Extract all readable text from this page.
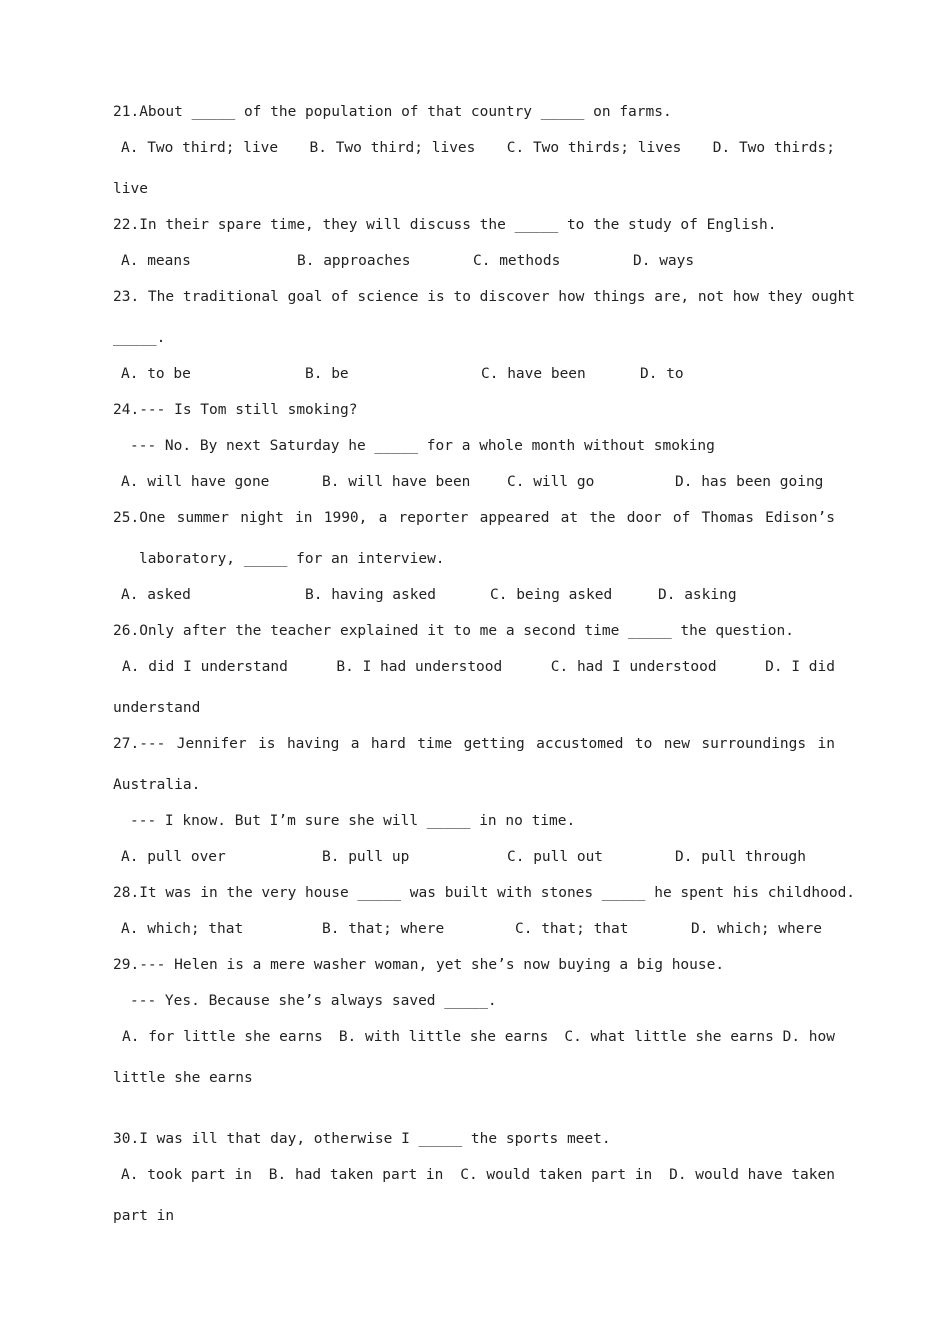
21.About _____ of the population of that country _____ on farms.
A. Two third; live B. Two third; lives C. Two thirds; lives D. Two thirds;
live
22.In their spare time, they will discuss the _____ to the study of English.
A. means	B. approaches	C. methods	D. ways
23. The traditional goal of science is to discover how things are, not how they ought
_____.
A. to be	B. be	C. have been	D. to
24.--- Is Tom still smoking?
--- No. By next Saturday he _____ for a whole month without smoking
A. will have gone	B. will have been	C. will go	D. has been going
25.One summer night in 1990, a reporter appeared at the door of Thomas Edison’s
laboratory, _____ for an interview.
A. asked	B. having asked	C. being asked	D. asking
26.Only after the teacher explained it to me a second time _____ the question.
A. did I understand	B. I had understood	C. had I understood	D. I did
understand
27.--- Jennifer is having a hard time getting accustomed to new surroundings in
Australia.
--- I know. But I’m sure she will _____ in no time.
A. pull over	B. pull up	C. pull out	D. pull through
28.It was in the very house _____ was built with stones _____ he spent his childhood.
A. which; that	B. that; where	C. that; that	D. which; where
29.--- Helen is a mere washer woman, yet she’s now buying a big house.
--- Yes. Because she’s always saved _____.
A. for little she earns B. with little she earns C. what little she earns D. how
little she earns
30.I was ill that day, otherwise I _____ the sports meet.
A. took part in B. had taken part in C. would taken part in D. would have taken
part in
